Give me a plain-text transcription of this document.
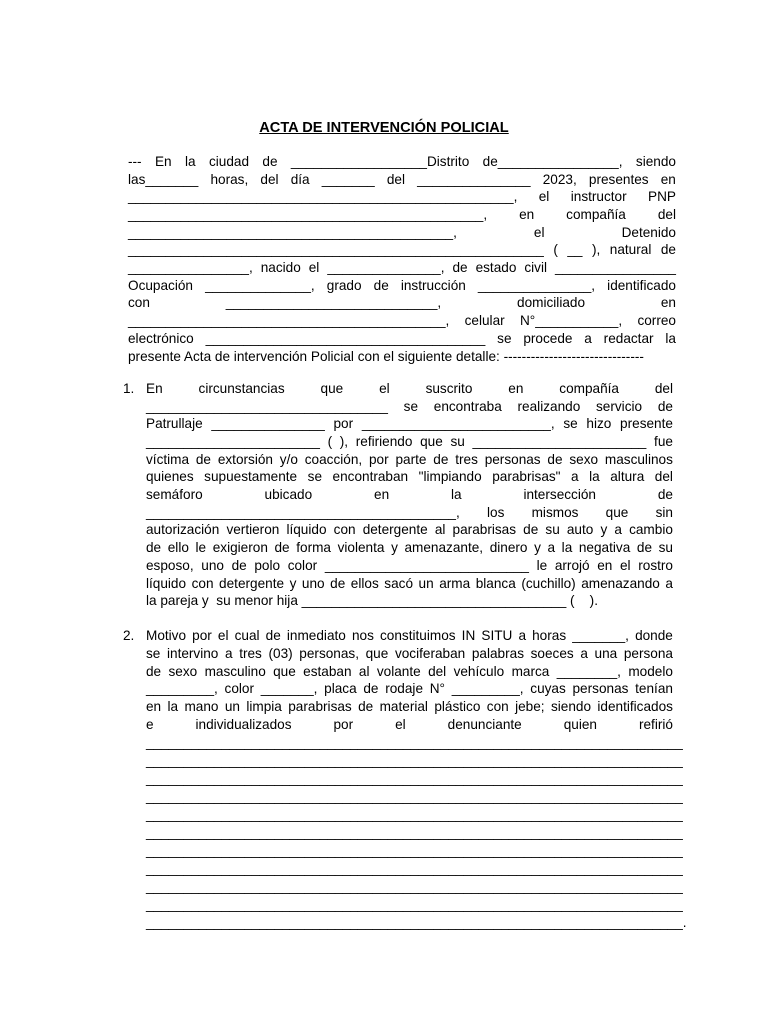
ACTA DE INTERVENCIÓN POLICIAL
--- En la ciudad de __________________Distrito de________________, siendo
las_______ horas, del día _______ del _______________ 2023, presentes en
___________________________________________________, el instructor PNP
_______________________________________________, en compañía del
___________________________________________,	el	Detenido
_______________________________________________________ ( __ ), natural de
________________, nacido el _______________, de estado civil ________________
Ocupación ______________, grado de instrucción _______________, identificado
con	____________________________,	domiciliado	en
__________________________________________, celular N°___________, correo
electrónico _____________________________________ se procede a redactar la
presente Acta de intervención Policial con el siguiente detalle: -------------------------------
1. En	circunstancias	que	el	suscrito	en	compañía	del
________________________________ se encontraba realizando servicio de
Patrullaje _______________ por _________________________, se hizo presente
_______________________ ( ), refiriendo que su _______________________ fue
víctima de extorsión y/o coacción, por parte de tres personas de sexo masculinos
quienes supuestamente se encontraban "limpiando parabrisas" a la altura del
semáforo	ubicado	en	la	intersección	de
_________________________________________, los mismos que sin
autorización vertieron líquido con detergente al parabrisas de su auto y a cambio
de ello le exigieron de forma violenta y amenazante, dinero y a la negativa de su
esposo, uno de polo color ___________________________ le arrojó en el rostro
líquido con detergente y uno de ellos sacó un arma blanca (cuchillo) amenazando a
la pareja y  su menor hija ___________________________________ (    ).
2. Motivo por el cual de inmediato nos constituimos IN SITU a horas _______, donde
se intervino a tres (03) personas, que vociferaban palabras soeces a una persona
de sexo masculino que estaban al volante del vehículo marca ________, modelo
_________, color _______, placa de rodaje N° _________, cuyas personas tenían
en la mano un limpia parabrisas de material plástico con jebe; siendo identificados
e	individualizados	por	el	denunciante	quien	refirió
_______________________________________________________________________
_______________________________________________________________________
_______________________________________________________________________
_______________________________________________________________________
_______________________________________________________________________
_______________________________________________________________________
_______________________________________________________________________
_______________________________________________________________________
_______________________________________________________________________
_______________________________________________________________________
_______________________________________________________________________.
